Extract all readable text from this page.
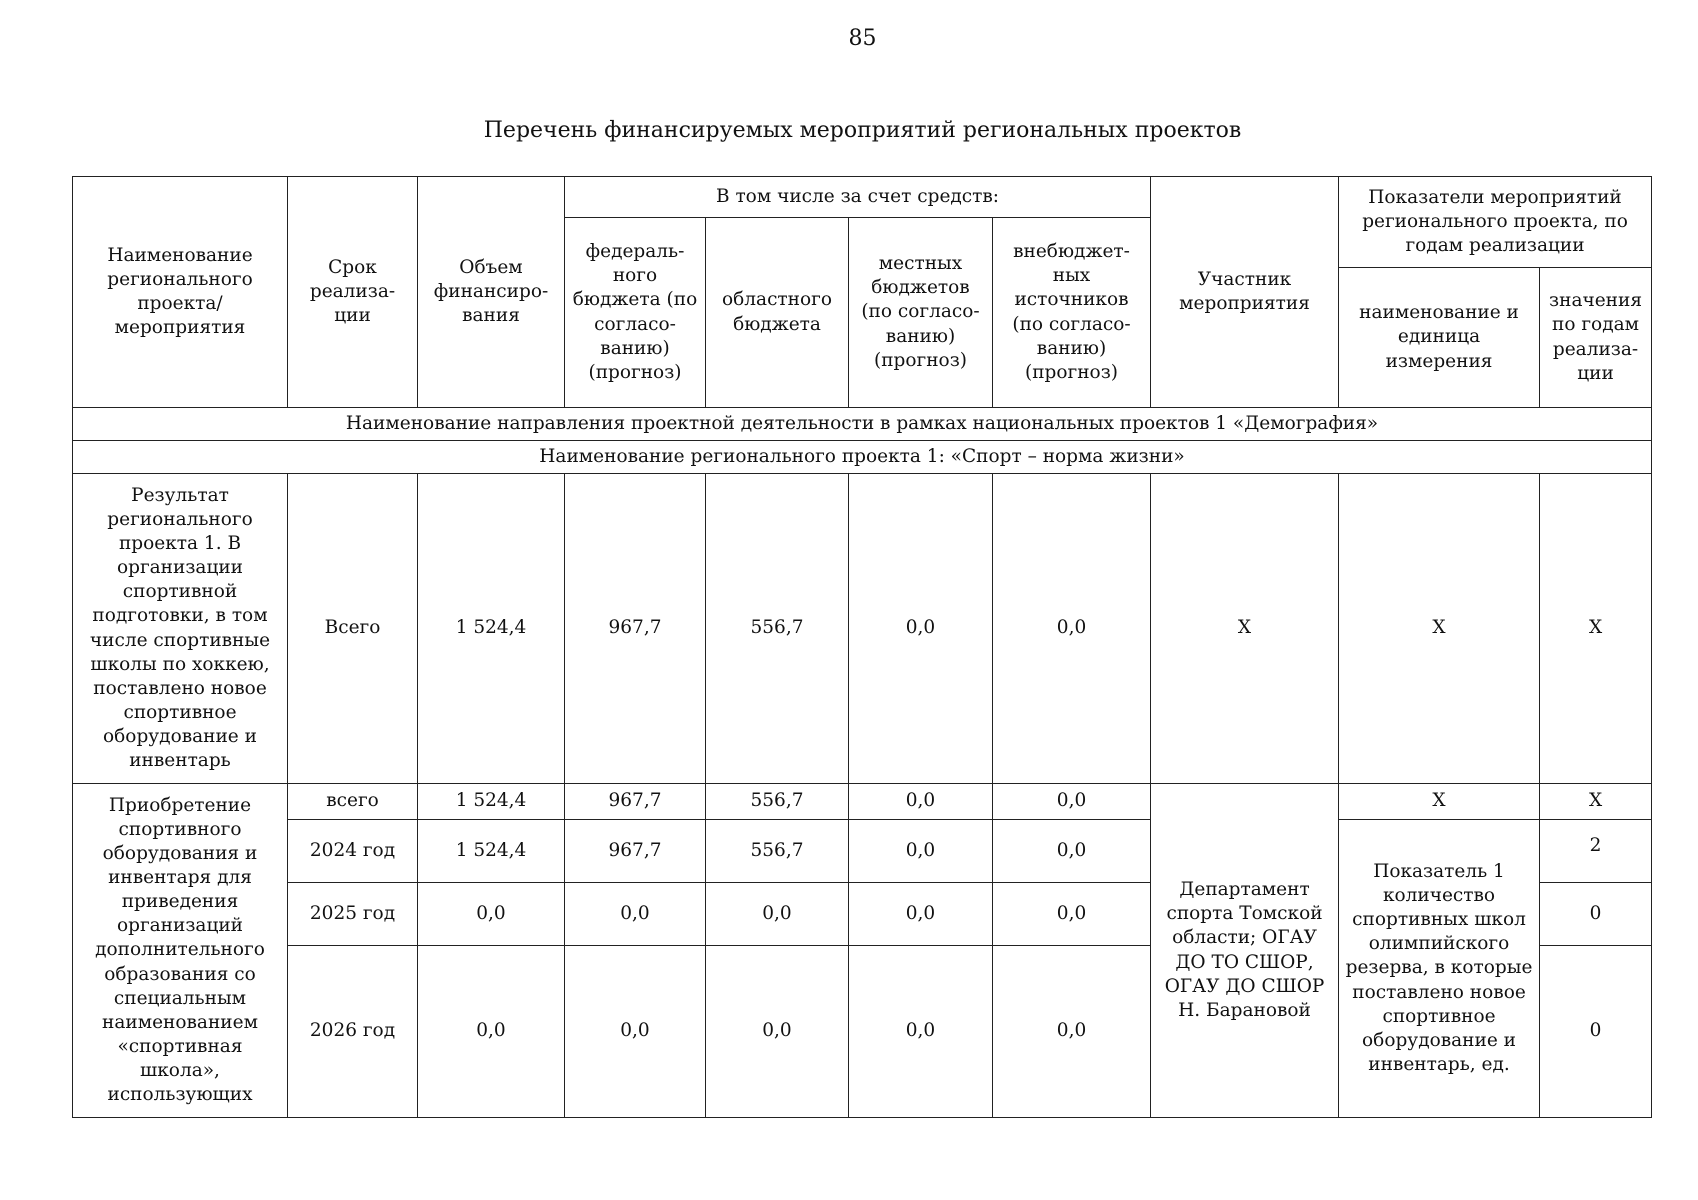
85
Перечень финансируемых мероприятий региональных проектов
Наименование регионального проекта/ мероприятия	Срок реализа-ции	Объем финансиро-вания	В том числе за счет средств:				Участник мероприятия	Показатели мероприятий регионального проекта, по годам реализации	
			федераль-ного бюджета (по согласо-ванию) (прогноз)	областного бюджета	местных бюджетов (по согласо-ванию) (прогноз)	внебюджет-ных источников (по согласо-ванию) (прогноз)			
								наименование и единица измерения	значения по годам реализа-ции
Наименование направления проектной деятельности в рамках национальных проектов 1 «Демография»									
Наименование регионального проекта 1: «Спорт – норма жизни»									
Результат регионального проекта 1. В организации спортивной подготовки, в том числе спортивные школы по хоккею, поставлено новое спортивное оборудование и инвентарь	Всего	1 524,4	967,7	556,7	0,0	0,0	Х	Х	Х
Приобретение спортивного оборудования и инвентаря для приведения организаций дополнительного образования со специальным наименованием «спортивная школа», использующих	всего	1 524,4	967,7	556,7	0,0	0,0	Департамент спорта Томской области; ОГАУ ДО ТО СШОР, ОГАУ ДО СШОР Н. Барановой	Х	Х
	2024 год	1 524,4	967,7	556,7	0,0	0,0		Показатель 1 количество спортивных школ олимпийского резерва, в которые поставлено новое спортивное оборудование и инвентарь, ед.	2
	2025 год	0,0	0,0	0,0	0,0	0,0			0
	2026 год	0,0	0,0	0,0	0,0	0,0			0
